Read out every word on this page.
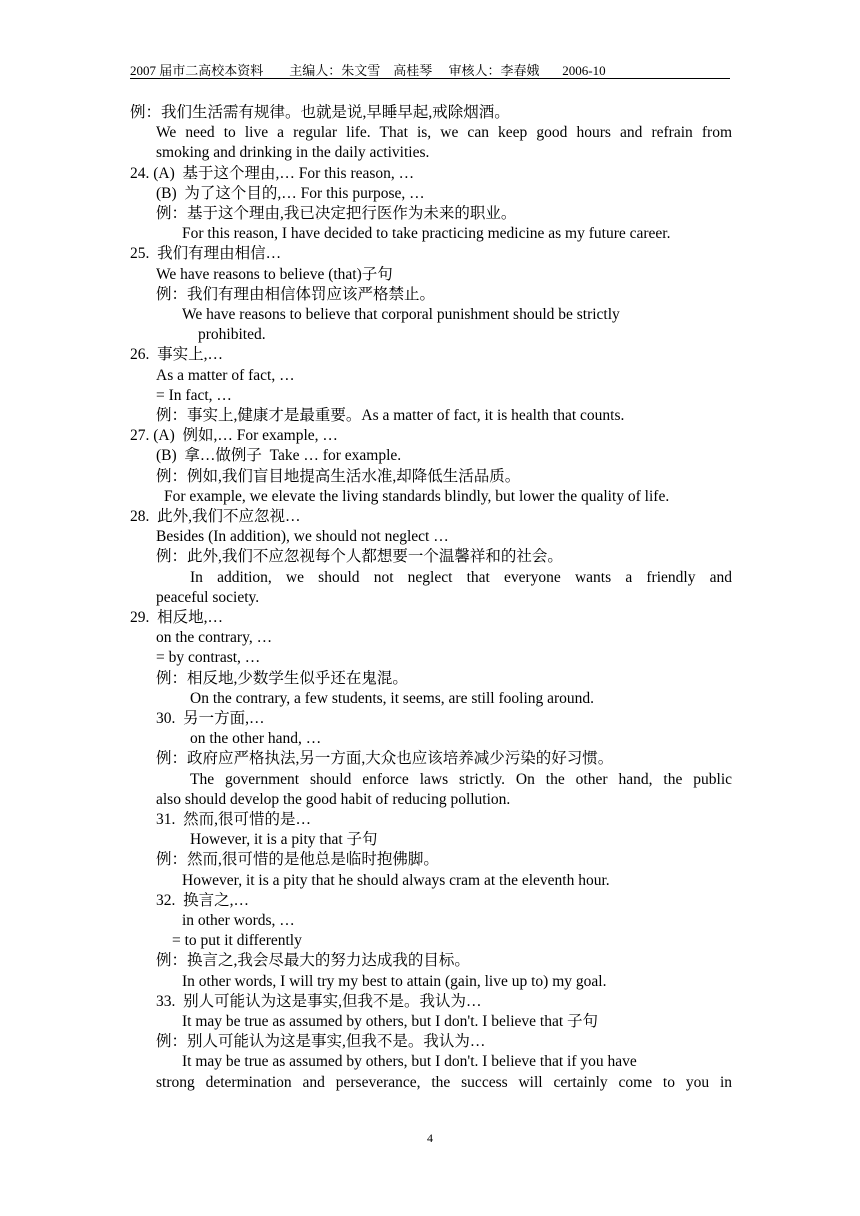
2007 届市二高校本资料        主编人：朱文雪    高桂琴     审核人：李春娥       2006-10
例：我们生活需有规律。也就是说,早睡早起,戒除烟酒。
We need to live a regular life. That is, we can keep good hours and refrain from
smoking and drinking in the daily activities.
24. (A)  基于这个理由,… For this reason, …
(B)  为了这个目的,… For this purpose, …
例：基于这个理由,我已决定把行医作为未来的职业。
For this reason, I have decided to take practicing medicine as my future career.
25.  我们有理由相信…
We have reasons to believe (that)子句
例：我们有理由相信体罚应该严格禁止。
We have reasons to believe that corporal punishment should be strictly
prohibited.
26.  事实上,…
As a matter of fact, …
= In fact, …
例：事实上,健康才是最重要。As a matter of fact, it is health that counts.
27. (A)  例如,… For example, …
(B)  拿…做例子  Take … for example.
例：例如,我们盲目地提高生活水准,却降低生活品质。
For example, we elevate the living standards blindly, but lower the quality of life.
28.  此外,我们不应忽视…
Besides (In addition), we should not neglect …
例：此外,我们不应忽视每个人都想要一个温馨祥和的社会。
In addition, we should not neglect that everyone wants a friendly and
peaceful society.
29.  相反地,…
on the contrary, …
= by contrast, …
例：相反地,少数学生似乎还在鬼混。
On the contrary, a few students, it seems, are still fooling around.
30.  另一方面,…
on the other hand, …
例：政府应严格执法,另一方面,大众也应该培养减少污染的好习惯。
The government should enforce laws strictly. On the other hand, the public
also should develop the good habit of reducing pollution.
31.  然而,很可惜的是…
However, it is a pity that 子句
例：然而,很可惜的是他总是临时抱佛脚。
However, it is a pity that he should always cram at the eleventh hour.
32.  换言之,…
in other words, …
= to put it differently
例：换言之,我会尽最大的努力达成我的目标。
In other words, I will try my best to attain (gain, live up to) my goal.
33.  别人可能认为这是事实,但我不是。我认为…
It may be true as assumed by others, but I don't. I believe that 子句
例：别人可能认为这是事实,但我不是。我认为…
It may be true as assumed by others, but I don't. I believe that if you have
strong determination and perseverance, the success will certainly come to you in
4
